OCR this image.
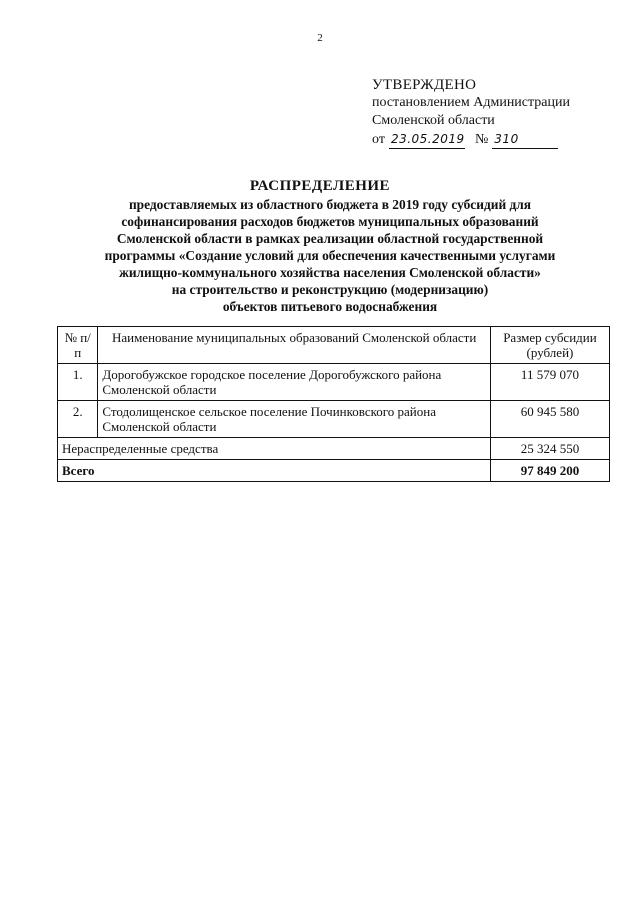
2
УТВЕРЖДЕНО
постановлением Администрации
Смоленской области
от 23.05.2019 № 310
РАСПРЕДЕЛЕНИЕ
предоставляемых из областного бюджета в 2019 году субсидий для
софинансирования расходов бюджетов муниципальных образований
Смоленской области в рамках реализации областной государственной
программы «Создание условий для обеспечения качественными услугами
жилищно-коммунального хозяйства населения Смоленской области»
на строительство и реконструкцию (модернизацию)
объектов питьевого водоснабжения
№ п/п	Наименование муниципальных образований Смоленской области	Размер субсидии (рублей)
1.	Дорогобужское городское поселение Дорогобужского района Смоленской области	11 579 070
2.	Стодолищенское сельское поселение Починковского района Смоленской области	60 945 580
Нераспределенные средства		25 324 550
Всего		97 849 200
